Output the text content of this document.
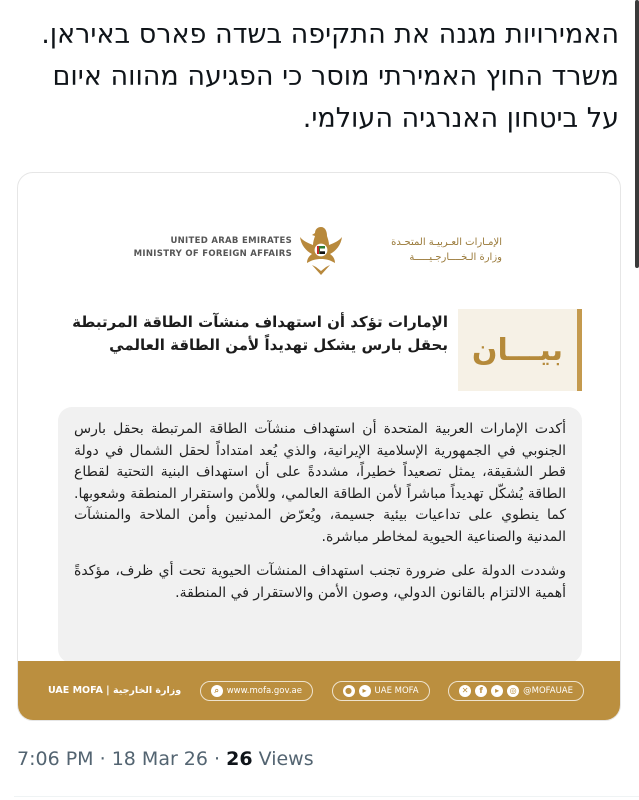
האמירויות מגנה את התקיפה בשדה פארס באיראן.
משרד החוץ האמירתי מוסר כי הפגיעה מהווה איום
על ביטחון האנרגיה העולמי.
UNITED ARAB EMIRATES
MINISTRY OF FOREIGN AFFAIRS
الإمـارات العـربيـة المتحـدة
وزارة الـخــــارجـيـــــة
بيـــان
الإمارات تؤكد أن استهداف منشآت الطاقة المرتبطة
بحقل بارس يشكل تهديداً لأمن الطاقة العالمي
أكدت الإمارات العربية المتحدة أن استهداف منشآت الطاقة المرتبطة بحقل بارس الجنوبي في الجمهورية الإسلامية الإيرانية، والذي يُعد امتداداً لحقل الشمال في دولة قطر الشقيقة، يمثل تصعيداً خطيراً، مشددةً على أن استهداف البنية التحتية لقطاع الطاقة يُشكّل تهديداً مباشراً لأمن الطاقة العالمي، وللأمن واستقرار المنطقة وشعوبها. كما ينطوي على تداعيات بيئية جسيمة، ويُعرّض المدنيين وأمن الملاحة والمنشآت المدنية والصناعية الحيوية لمخاطر مباشرة.
وشددت الدولة على ضرورة تجنب استهداف المنشآت الحيوية تحت أي ظرف، مؤكدةً أهمية الالتزام بالقانون الدولي، وصون الأمن والاستقرار في المنطقة.
UAE MOFA | وزارة الخارجية	⌕ www.mofa.gov.ae	●	▸ UAE MOFA	✕	f	▸	◎ @MOFAUAE
7:06 PM · 18 Mar 26 · 26 Views
